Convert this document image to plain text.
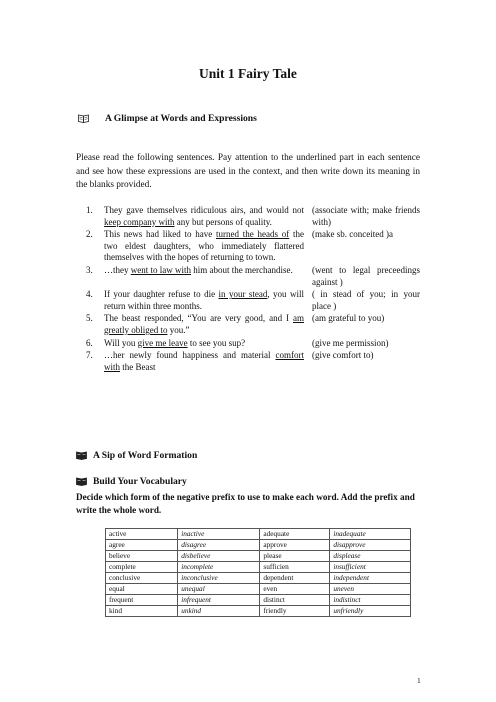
Unit 1 Fairy Tale
A Glimpse at Words and Expressions
Please read the following sentences. Pay attention to the underlined part in each sentence and see how these expressions are used in the context, and then write down its meaning in the blanks provided.
1.	They gave themselves ridiculous airs, and would not keep company with any but persons of quality.
(associate with; make friends with)
2.	This news had liked to have turned the heads of the two eldest daughters, who immediately flattered themselves with the hopes of returning to town.
(make sb. conceited )a
3.	…they went to law with him about the merchandise.	(went to legal preceedings against )
4.	If your daughter refuse to die in your stead, you will return within three months.
( in stead of you; in your place )
5.	The beast responded, “You are very good, and I am greatly obliged to you.”
(am grateful to you)
6.	Will you give me leave to see you sup?	(give me permission)
7.	…her newly found happiness and material comfort with the Beast
(give comfort to)
A Sip of Word Formation
Build Your Vocabulary
Decide which form of the negative prefix to use to make each word. Add the prefix and write the whole word.
active	inactive	adequate	inadequate
agree	disagree	approve	disapprove
believe	disbelieve	please	displease
complete	incomplete	sufficien	insufficient
conclusive	inconclusive	dependent	independent
equal	unequal	even	uneven
frequent	infrequent	distinct	indistinct
kind	unkind	friendly	unfriendly
1
